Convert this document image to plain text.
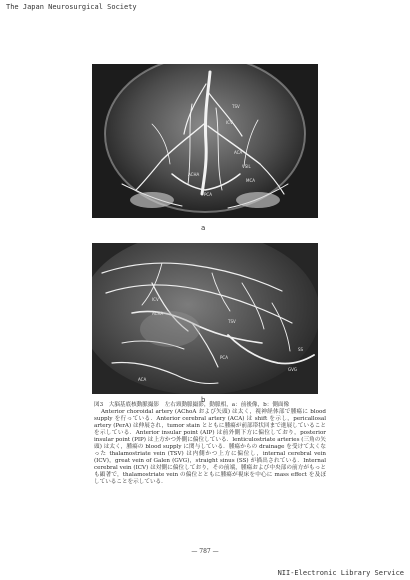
The Japan Neurosurgical Society
TSV
ICV
ACA
VSIL
ACHA
MCA
PCA
a
ICV
ACHA
TSV
GVG
SS
PCA
ACA
b
図3　大脳基底核動脈撮影　左右頸動脈撮影，動脈相，a：前後像，b：側面像
Anterior choroidal artery (AChoA および矢頭) は太く，視神経体部で腫瘍に blood supply を行っている．Anterior cerebral artery (ACA) は shift を示し，pericallosal artery (PerA) は伸展され，tumor stain とともに腫瘍が前部帯状回まで進展していることを示している．Anterior insular point (AIP) は前外側下方に偏位しており，posterior insular point (PIP) は上方かつ外側に偏位している．lenticulostriate arteries (三角の矢頭) は太く，腫瘍の blood supply に関与している．腫瘍からの drainage を受けて太くなった thalamostriate vein (TSV) は内側かつ上方に偏位し，internal cerebral vein (ICV)，great vein of Galen (GVG)，straight sinus (SS) が描出されている．Internal cerebral vein (ICV) は対側に偏位しており，その前端，腫瘍および中央部の前方がもっとも顕著で，thalamostriate vein の偏位とともに腫瘍が視床を中心に mass effect を及ぼしていることを示している．
— 787 —
NII-Electronic Library Service
